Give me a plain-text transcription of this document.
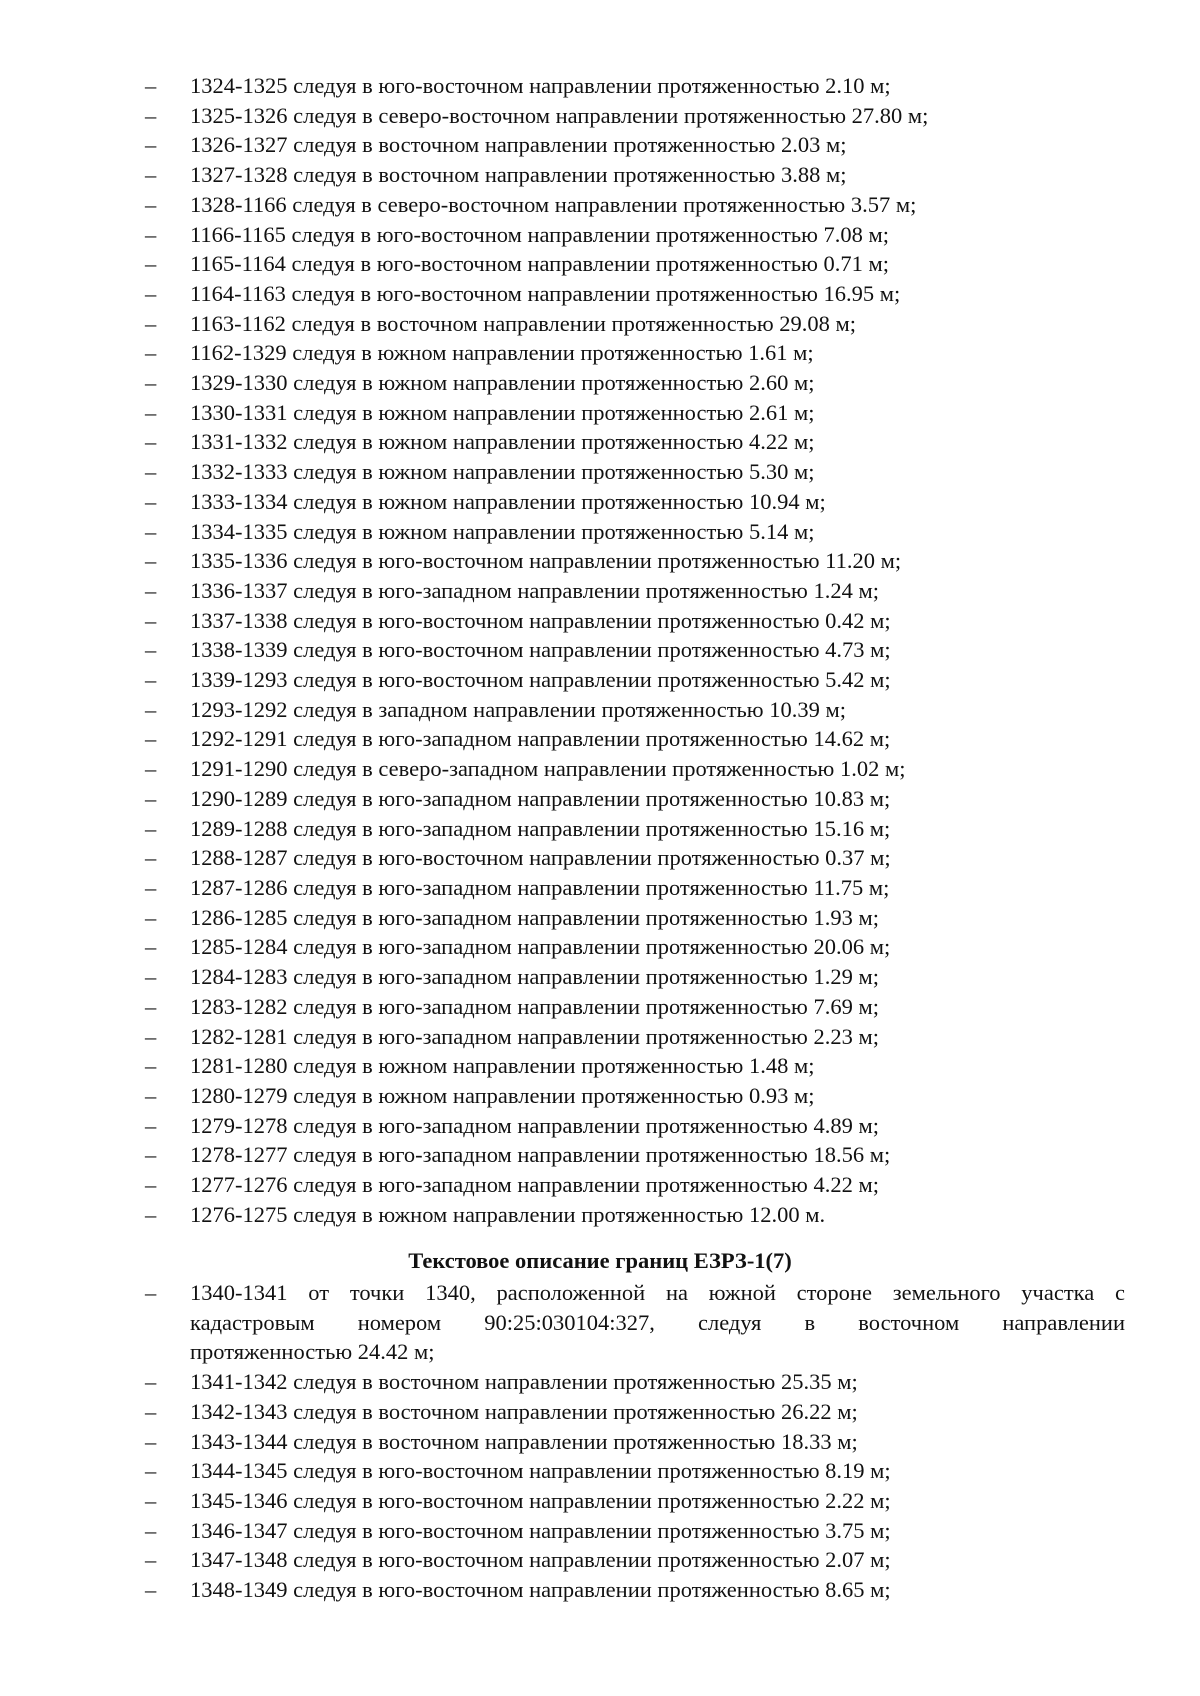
– 1324-1325 следуя в юго-восточном направлении протяженностью 2.10 м;
– 1325-1326 следуя в северо-восточном направлении протяженностью 27.80 м;
– 1326-1327 следуя в восточном направлении протяженностью 2.03 м;
– 1327-1328 следуя в восточном направлении протяженностью 3.88 м;
– 1328-1166 следуя в северо-восточном направлении протяженностью 3.57 м;
– 1166-1165 следуя в юго-восточном направлении протяженностью 7.08 м;
– 1165-1164 следуя в юго-восточном направлении протяженностью 0.71 м;
– 1164-1163 следуя в юго-восточном направлении протяженностью 16.95 м;
– 1163-1162 следуя в восточном направлении протяженностью 29.08 м;
– 1162-1329 следуя в южном направлении протяженностью 1.61 м;
– 1329-1330 следуя в южном направлении протяженностью 2.60 м;
– 1330-1331 следуя в южном направлении протяженностью 2.61 м;
– 1331-1332 следуя в южном направлении протяженностью 4.22 м;
– 1332-1333 следуя в южном направлении протяженностью 5.30 м;
– 1333-1334 следуя в южном направлении протяженностью 10.94 м;
– 1334-1335 следуя в южном направлении протяженностью 5.14 м;
– 1335-1336 следуя в юго-восточном направлении протяженностью 11.20 м;
– 1336-1337 следуя в юго-западном направлении протяженностью 1.24 м;
– 1337-1338 следуя в юго-восточном направлении протяженностью 0.42 м;
– 1338-1339 следуя в юго-восточном направлении протяженностью 4.73 м;
– 1339-1293 следуя в юго-восточном направлении протяженностью 5.42 м;
– 1293-1292 следуя в западном направлении протяженностью 10.39 м;
– 1292-1291 следуя в юго-западном направлении протяженностью 14.62 м;
– 1291-1290 следуя в северо-западном направлении протяженностью 1.02 м;
– 1290-1289 следуя в юго-западном направлении протяженностью 10.83 м;
– 1289-1288 следуя в юго-западном направлении протяженностью 15.16 м;
– 1288-1287 следуя в юго-восточном направлении протяженностью 0.37 м;
– 1287-1286 следуя в юго-западном направлении протяженностью 11.75 м;
– 1286-1285 следуя в юго-западном направлении протяженностью 1.93 м;
– 1285-1284 следуя в юго-западном направлении протяженностью 20.06 м;
– 1284-1283 следуя в юго-западном направлении протяженностью 1.29 м;
– 1283-1282 следуя в юго-западном направлении протяженностью 7.69 м;
– 1282-1281 следуя в юго-западном направлении протяженностью 2.23 м;
– 1281-1280 следуя в южном направлении протяженностью 1.48 м;
– 1280-1279 следуя в южном направлении протяженностью 0.93 м;
– 1279-1278 следуя в юго-западном направлении протяженностью 4.89 м;
– 1278-1277 следуя в юго-западном направлении протяженностью 18.56 м;
– 1277-1276 следуя в юго-западном направлении протяженностью 4.22 м;
– 1276-1275 следуя в южном направлении протяженностью 12.00 м.
Текстовое описание границ ЕЗРЗ-1(7)
– 1340-1341 от точки 1340, расположенной на южной стороне земельного участка с
кадастровым номером 90:25:030104:327, следуя в восточном направлении
протяженностью 24.42 м;
– 1341-1342 следуя в восточном направлении протяженностью 25.35 м;
– 1342-1343 следуя в восточном направлении протяженностью 26.22 м;
– 1343-1344 следуя в восточном направлении протяженностью 18.33 м;
– 1344-1345 следуя в юго-восточном направлении протяженностью 8.19 м;
– 1345-1346 следуя в юго-восточном направлении протяженностью 2.22 м;
– 1346-1347 следуя в юго-восточном направлении протяженностью 3.75 м;
– 1347-1348 следуя в юго-восточном направлении протяженностью 2.07 м;
– 1348-1349 следуя в юго-восточном направлении протяженностью 8.65 м;
